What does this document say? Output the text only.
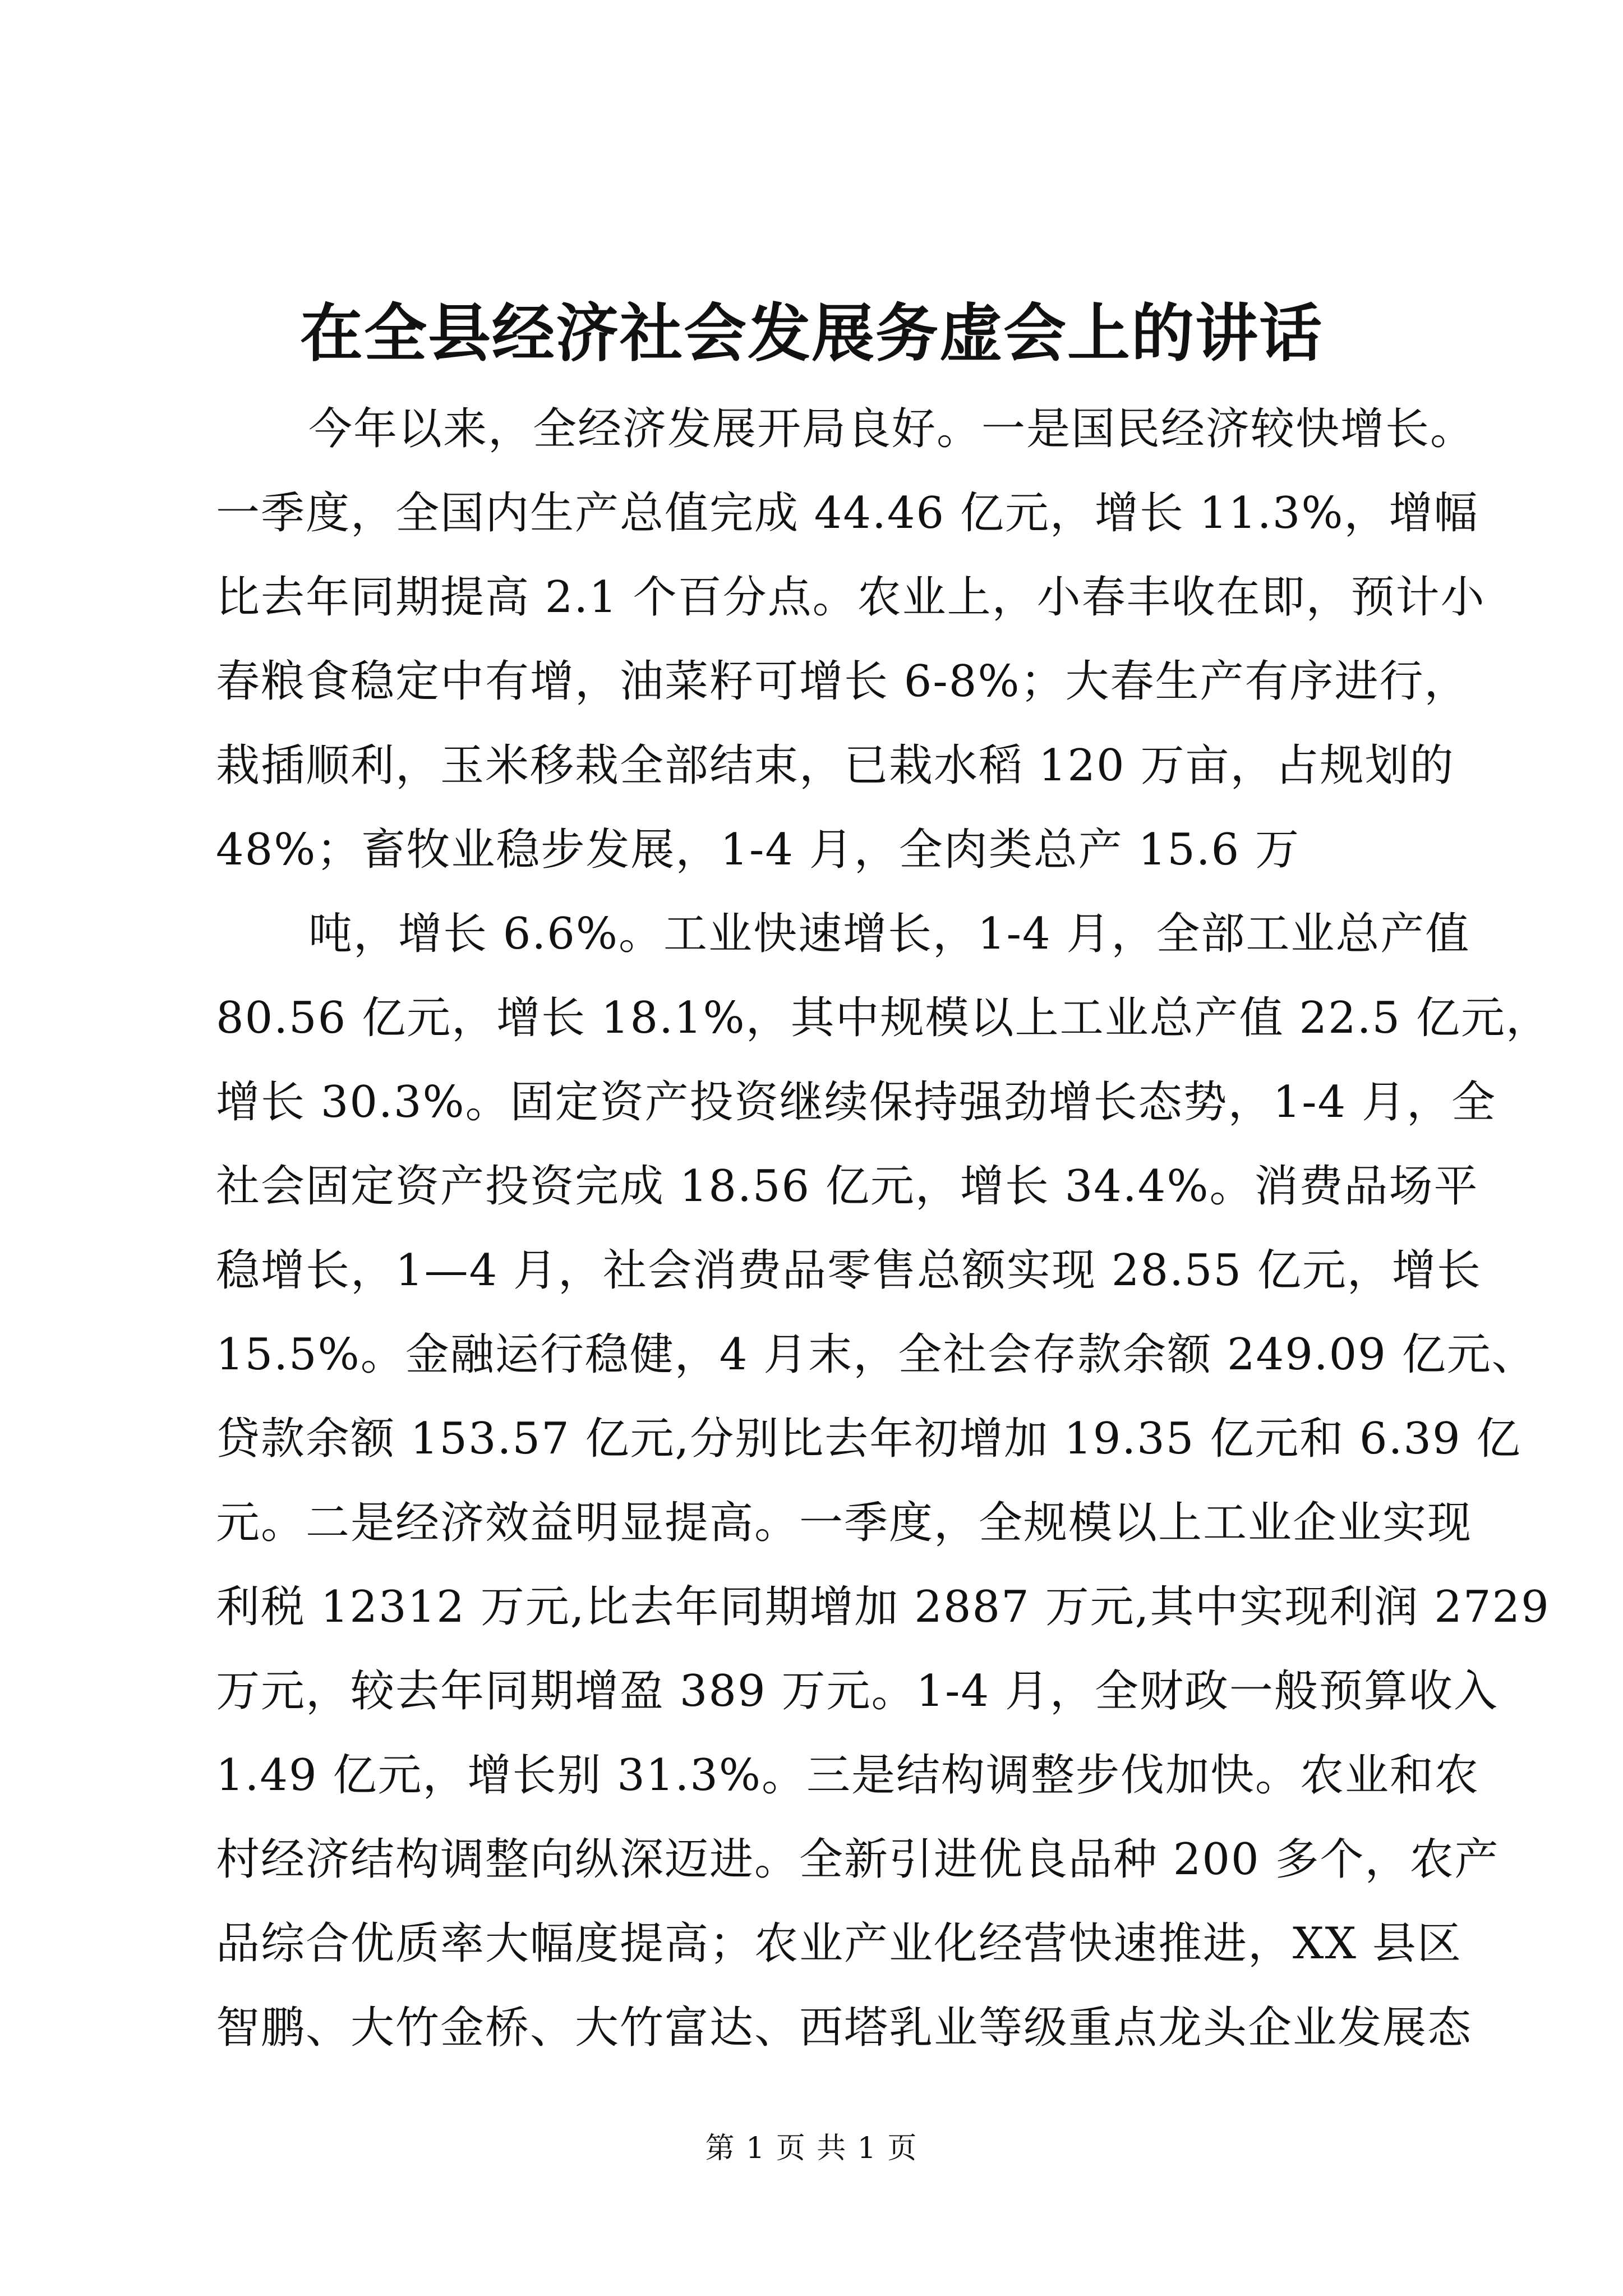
在全县经济社会发展务虚会上的讲话

今年以来，全经济发展开局良好。一是国民经济较快增长。

一季度，全国内生产总值完成 44.46 亿元，增长 11.3%，增幅

比去年同期提高 2.1 个百分点。农业上，小春丰收在即，预计小

春粮食稳定中有增，油菜籽可增长 6-8%；大春生产有序进行，

栽插顺利，玉米移栽全部结束，已栽水稻 120 万亩，占规划的

48%；畜牧业稳步发展，1-4 月，全肉类总产 15.6 万

吨，增长 6.6%。工业快速增长，1-4 月，全部工业总产值

80.56 亿元，增长 18.1%，其中规模以上工业总产值 22.5 亿元，

增长 30.3%。固定资产投资继续保持强劲增长态势，1-4 月，全

社会固定资产投资完成 18.56 亿元，增长 34.4%。消费品场平

稳增长，1—4 月，社会消费品零售总额实现 28.55 亿元，增长

15.5%。金融运行稳健，4 月末，全社会存款余额 249.09 亿元、

贷款余额 153.57 亿元,分别比去年初增加 19.35 亿元和 6.39 亿

元。二是经济效益明显提高。一季度，全规模以上工业企业实现

利税 12312 万元,比去年同期增加 2887 万元,其中实现利润 2729

万元，较去年同期增盈 389 万元。1-4 月，全财政一般预算收入

1.49 亿元，增长别 31.3%。三是结构调整步伐加快。农业和农

村经济结构调整向纵深迈进。全新引进优良品种 200 多个，农产

品综合优质率大幅度提高；农业产业化经营快速推进，XX 县区

智鹏、大竹金桥、大竹富达、西塔乳业等级重点龙头企业发展态

第 1 页 共 1 页
